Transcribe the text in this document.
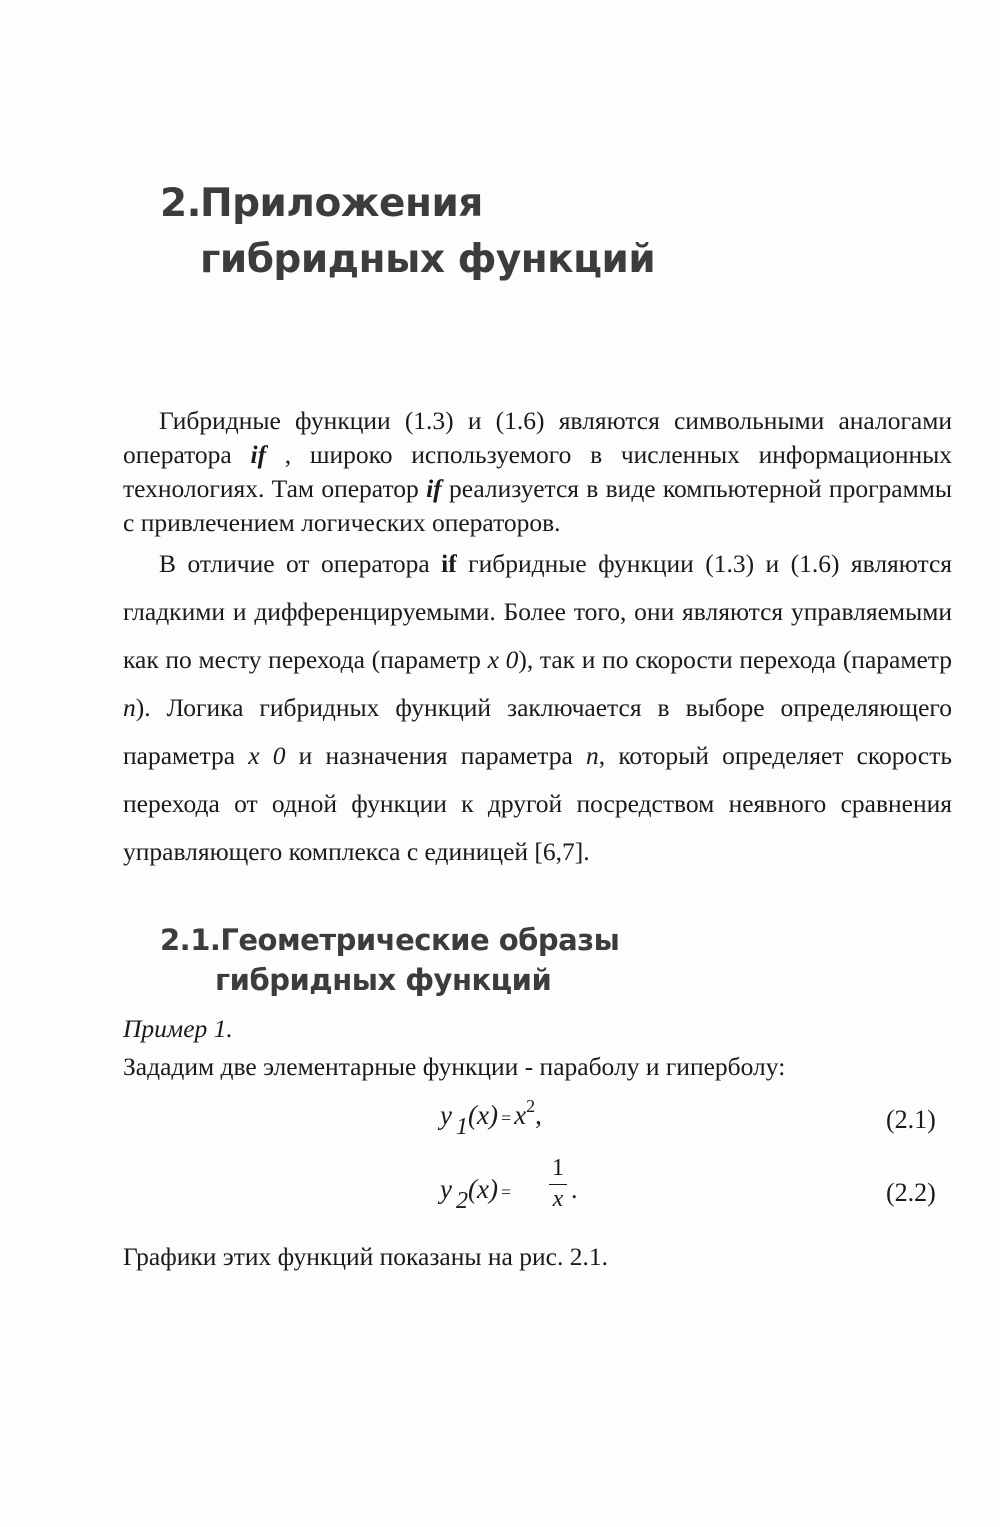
2.Приложения
гибридных функций

Гибридные функции (1.3) и (1.6) являются символьными аналогами оператора if , широко используемого в численных информационных технологиях. Там оператор if реализуется в виде компьютерной программы с привлечением логических операторов.

В отличие от оператора if гибридные функции (1.3) и (1.6) являются гладкими и дифференцируемыми. Более того, они являются управляемыми как по месту перехода (параметр x 0), так и по скорости перехода (параметр n). Логика гибридных функций заключается в выборе определяющего параметра x 0 и назначения параметра n, который определяет скорость перехода от одной функции к другой посредством неявного сравнения управляющего комплекса с единицей [6,7].

2.1.Геометрические образы
гибридных функций
Пример 1.
Зададим две элементарные функции - параболу и гиперболу:
y $1(x) = x^2$,	(2.1)
y 2(x) =
1
x .	(2.2)
Графики этих функций показаны на рис. 2.1.
